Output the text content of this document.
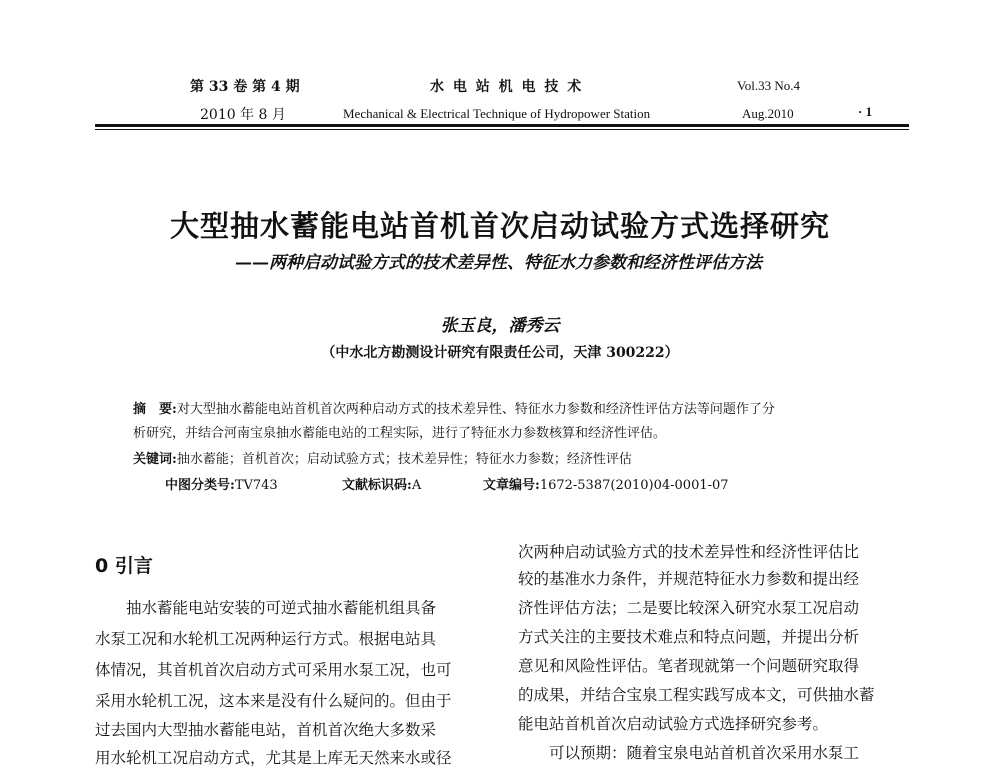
第 33 卷 第 4 期
2010 年 8 月
水 电 站 机 电 技 术
Mechanical & Electrical Technique of Hydropower Station
Vol.33 No.4
Aug.2010	· 1
大型抽水蓄能电站首机首次启动试验方式选择研究
——两种启动试验方式的技术差异性、特征水力参数和经济性评估方法
张玉良，潘秀云
（中水北方勘测设计研究有限责任公司，天津 300222）
摘　要:对大型抽水蓄能电站首机首次两种启动方式的技术差异性、特征水力参数和经济性评估方法等问题作了分
析研究，并结合河南宝泉抽水蓄能电站的工程实际，进行了特征水力参数核算和经济性评估。
关键词:抽水蓄能；首机首次；启动试验方式；技术差异性；特征水力参数；经济性评估
中图分类号:TV743	文献标识码:A	文章编号:1672-5387(2010)04-0001-07
0 引言
　　抽水蓄能电站安装的可逆式抽水蓄能机组具备
水泵工况和水轮机工况两种运行方式。根据电站具
体情况，其首机首次启动方式可采用水泵工况，也可
采用水轮机工况，这本来是没有什么疑问的。但由于
过去国内大型抽水蓄能电站，首机首次绝大多数采
用水轮机工况启动方式，尤其是上库无天然来水或径
次两种启动试验方式的技术差异性和经济性评估比
较的基准水力条件，并规范特征水力参数和提出经
济性评估方法；二是要比较深入研究水泵工况启动
方式关注的主要技术难点和特点问题，并提出分析
意见和风险性评估。笔者现就第一个问题研究取得
的成果，并结合宝泉工程实践写成本文，可供抽水蓄
能电站首机首次启动试验方式选择研究参考。
　　可以预期：随着宝泉电站首机首次采用水泵工
